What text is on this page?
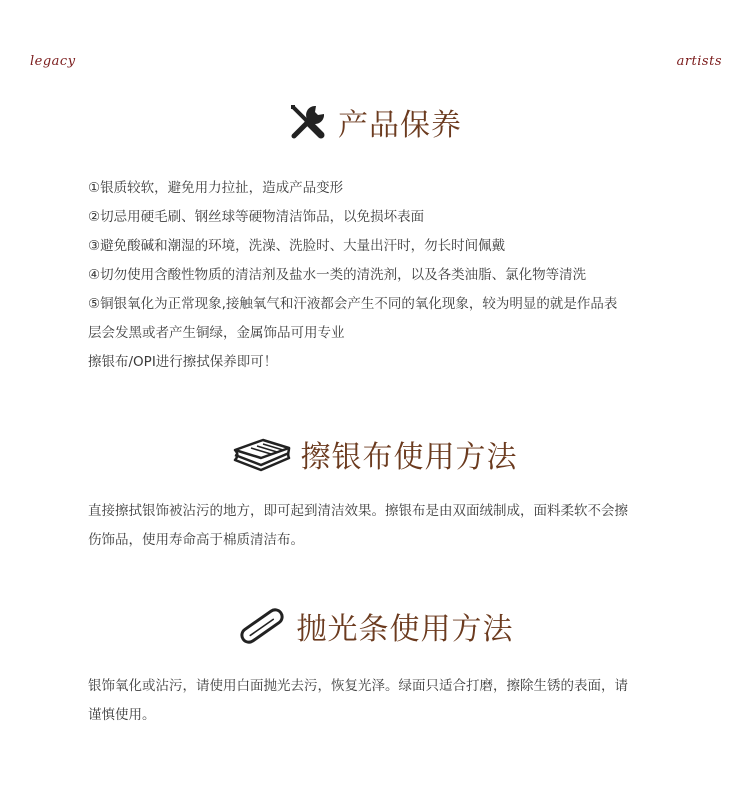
legacy	artists
产品保养
①银质较软，避免用力拉扯，造成产品变形
②切忌用硬毛刷、钢丝球等硬物清洁饰品，以免损坏表面
③避免酸碱和潮湿的环境，洗澡、洗脸时、大量出汗时，勿长时间佩戴
④切勿使用含酸性物质的清洁剂及盐水一类的清洗剂，以及各类油脂、氯化物等清洗
⑤铜银氧化为正常现象,接触氧气和汗液都会产生不同的氧化现象，较为明显的就是作品表
层会发黑或者产生铜绿，金属饰品可用专业
擦银布/OPI进行擦拭保养即可！
擦银布使用方法
直接擦拭银饰被沾污的地方，即可起到清洁效果。擦银布是由双面绒制成，面料柔软不会擦
伤饰品，使用寿命高于棉质清洁布。
抛光条使用方法
银饰氧化或沾污，请使用白面抛光去污，恢复光泽。绿面只适合打磨，擦除生锈的表面，请
谨慎使用。
